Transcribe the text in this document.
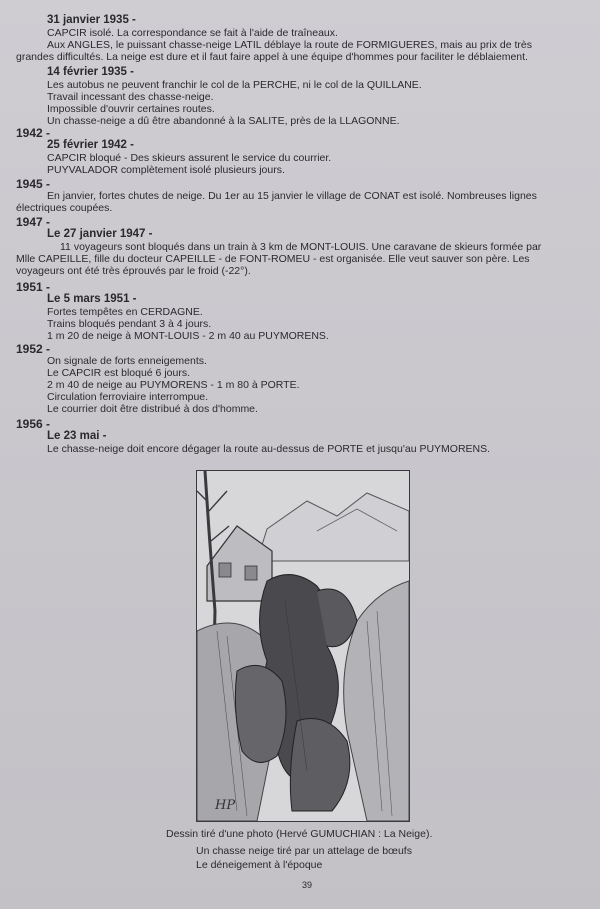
31 janvier 1935 -
CAPCIR isolé. La correspondance se fait à l'aide de traîneaux.
Aux ANGLES, le puissant chasse-neige LATIL déblaye la route de FORMIGUERES, mais au prix de très
grandes difficultés. La neige est dure et il faut faire appel à une équipe d'hommes pour faciliter le déblaiement.
14 février 1935 -
Les autobus ne peuvent franchir le col de la PERCHE, ni le col de la QUILLANE.
Travail incessant des chasse-neige.
Impossible d'ouvrir certaines routes.
Un chasse-neige a dû être abandonné à la SALITE, près de la LLAGONNE.
1942 -
25 février 1942 -
CAPCIR bloqué - Des skieurs assurent le service du courrier.
PUYVALADOR complètement isolé plusieurs jours.
1945 -
En janvier, fortes chutes de neige. Du 1er au 15 janvier le village de CONAT est isolé. Nombreuses lignes
électriques coupées.
1947 -
Le 27 janvier 1947 -
11 voyageurs sont bloqués dans un train à 3 km de MONT-LOUIS. Une caravane de skieurs formée par
Mlle CAPEILLE, fille du docteur CAPEILLE - de FONT-ROMEU - est organisée. Elle veut sauver son père. Les
voyageurs ont été très éprouvés par le froid (-22°).
1951 -
Le 5 mars 1951 -
Fortes tempêtes en CERDAGNE.
Trains bloqués pendant 3 à 4 jours.
1 m 20 de neige à MONT-LOUIS - 2 m 40 au PUYMORENS.
1952 -
On signale de forts enneigements.
Le CAPCIR est bloqué 6 jours.
2 m 40 de neige au PUYMORENS - 1 m 80 à PORTE.
Circulation ferroviaire interrompue.
Le courrier doit être distribué à dos d'homme.
1956 -
Le 23 mai -
Le chasse-neige doit encore dégager la route au-dessus de PORTE et jusqu'au PUYMORENS.
HP
Dessin tiré d'une photo (Hervé GUMUCHIAN : La Neige).
Un chasse neige tiré par un attelage de bœufs
Le déneigement à l'époque
39
